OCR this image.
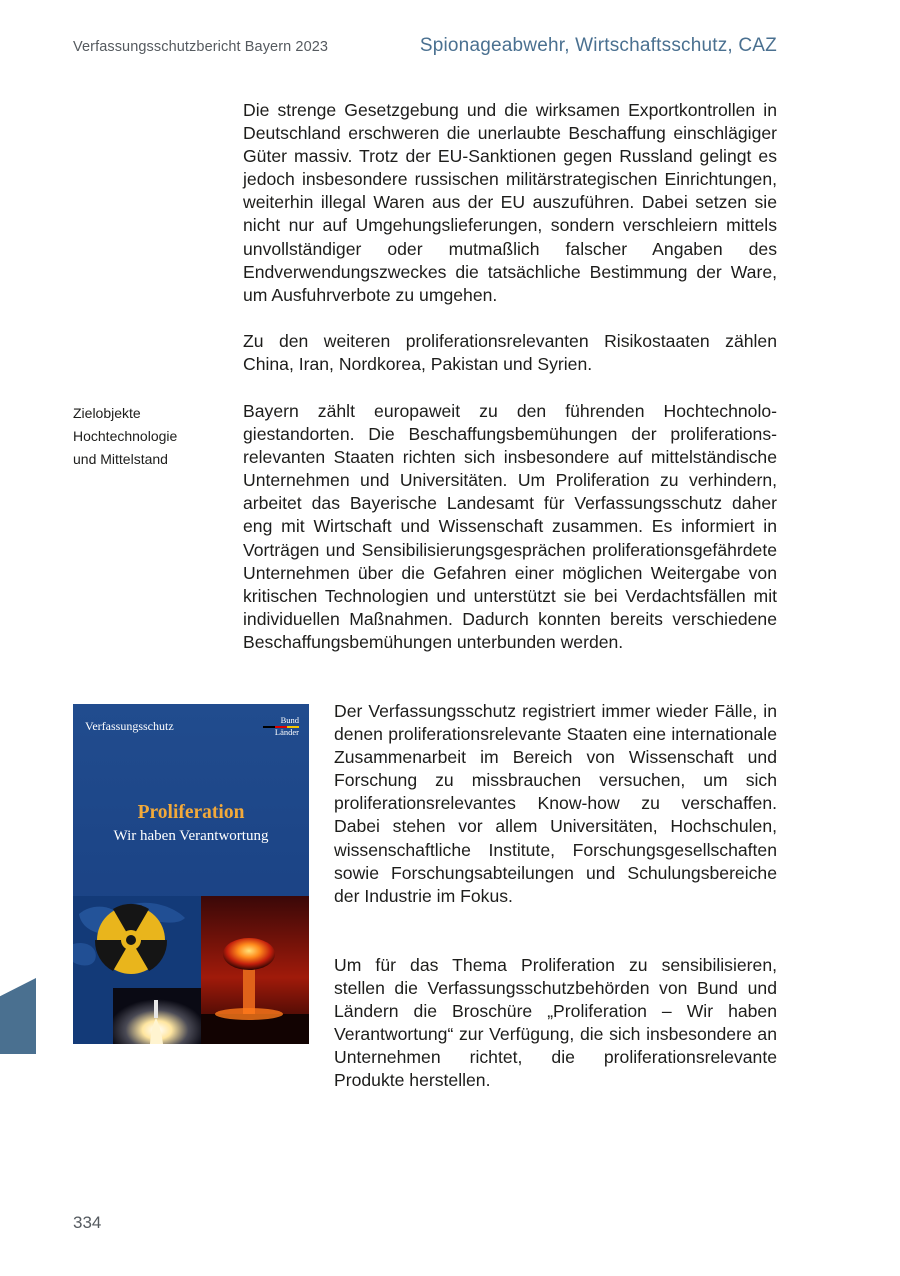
Verfassungsschutzbericht Bayern 2023	Spionageabwehr, Wirtschaftsschutz, CAZ

Die strenge Gesetzgebung und die wirksamen Exportkontrollen in Deutschland erschweren die unerlaubte Beschaffung einschlägiger Güter massiv. Trotz der EU-Sanktionen gegen Russland gelingt es jedoch insbesondere russischen militärstrategischen Einrichtungen, weiterhin illegal Waren aus der EU auszuführen. Dabei setzen sie nicht nur auf Umgehungslieferungen, sondern verschleiern mittels unvollständiger oder mutmaßlich falscher Angaben des Endverwendungszweckes die tatsächliche Bestimmung der Ware, um Ausfuhrverbote zu umgehen.

Zu den weiteren proliferationsrelevanten Risikostaaten zählen China, Iran, Nordkorea, Pakistan und Syrien.

Zielobjekte
Hochtechnologie
und Mittelstand

Bayern zählt europaweit zu den führenden Hochtechnologiestandorten. Die Beschaffungsbemühungen der proliferationsrelevanten Staaten richten sich insbesondere auf mittelständische Unternehmen und Universitäten. Um Proliferation zu verhindern, arbeitet das Bayerische Landesamt für Verfassungsschutz daher eng mit Wirtschaft und Wissenschaft zusammen. Es informiert in Vorträgen und Sensibilisierungsgesprächen proliferationsgefährdete Unternehmen über die Gefahren einer möglichen Weitergabe von kritischen Technologien und unterstützt sie bei Verdachtsfällen mit individuellen Maßnahmen. Dadurch konnten bereits verschiedene Beschaffungsbemühungen unterbunden werden.

Verfassungsschutz	Bund
Länder
Proliferation
Wir haben Verantwortung

Der Verfassungsschutz registriert immer wieder Fälle, in denen proliferationsrelevante Staaten eine internationale Zusammenarbeit im Bereich von Wissenschaft und Forschung zu missbrauchen versuchen, um sich proliferationsrelevantes Know-how zu verschaffen. Dabei stehen vor allem Universitäten, Hochschulen, wissenschaftliche Institute, Forschungsgesellschaften sowie Forschungsabteilungen und Schulungsbereiche der Industrie im Fokus.

Um für das Thema Proliferation zu sensibilisieren, stellen die Verfassungsschutzbehörden von Bund und Ländern die Broschüre „Proliferation – Wir haben Verantwortung“ zur Verfügung, die sich insbesondere an Unternehmen richtet, die proliferationsrelevante Produkte herstellen.

334
